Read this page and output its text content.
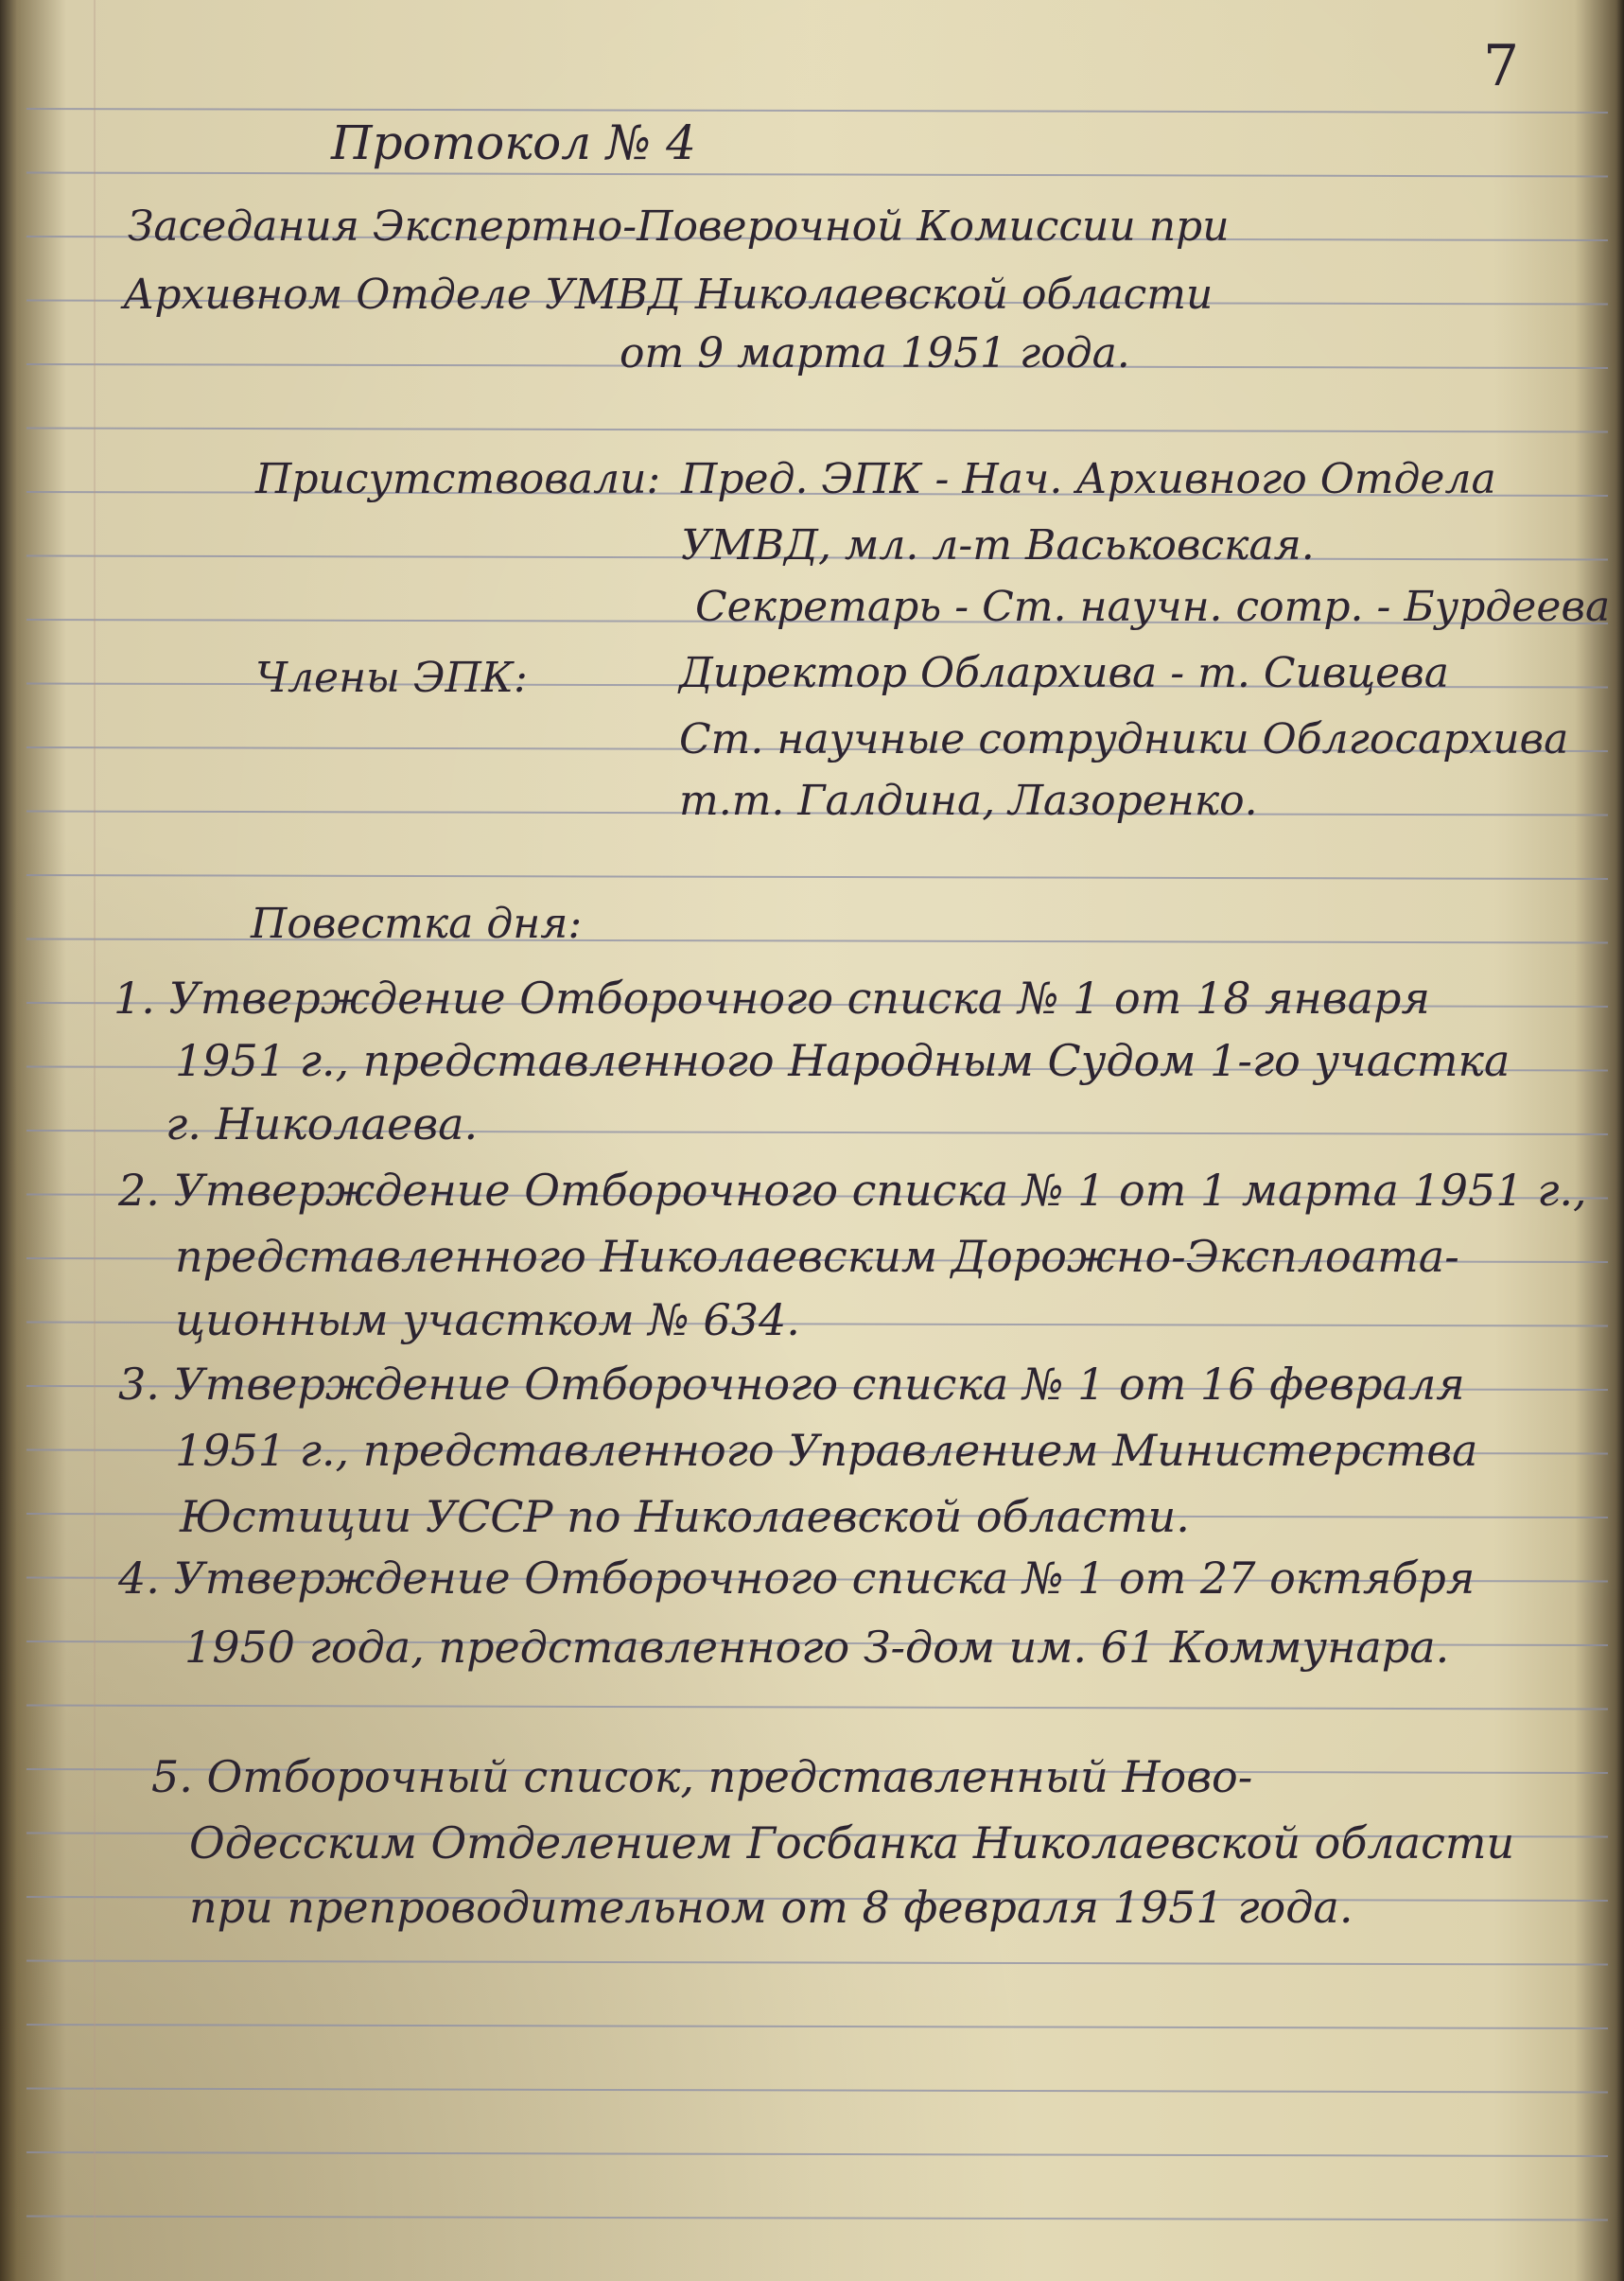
7
Протокол № 4
Заседания Экспертно-Поверочной Комиссии при
Архивном Отделе УМВД Николаевской области
от 9 марта 1951 года.
Присутствовали: Пред. ЭПК - Нач. Архивного Отдела
УМВД, мл. л-т Васьковская.
Секретарь - Ст. научн. сотр. - Бурдеева
Члены ЭПК:	Директор Облархива - т. Сивцева
Ст. научные сотрудники Облгосархива
т.т. Галдина, Лазоренко.
Повестка дня:
1. Утверждение Отборочного списка № 1 от 18 января
1951 г., представленного Народным Судом 1-го участка
г. Николаева.
2. Утверждение Отборочного списка № 1 от 1 марта 1951 г.,
представленного Николаевским Дорожно-Эксплоата-
ционным участком № 634.
3. Утверждение Отборочного списка № 1 от 16 февраля
1951 г., представленного Управлением Министерства
Юстиции УССР по Николаевской области.
4. Утверждение Отборочного списка № 1 от 27 октября
1950 года, представленного З-дом им. 61 Коммунара.
5. Отборочный список, представленный Ново-
Одесским Отделением Госбанка Николаевской области
при препроводительном от 8 февраля 1951 года.
